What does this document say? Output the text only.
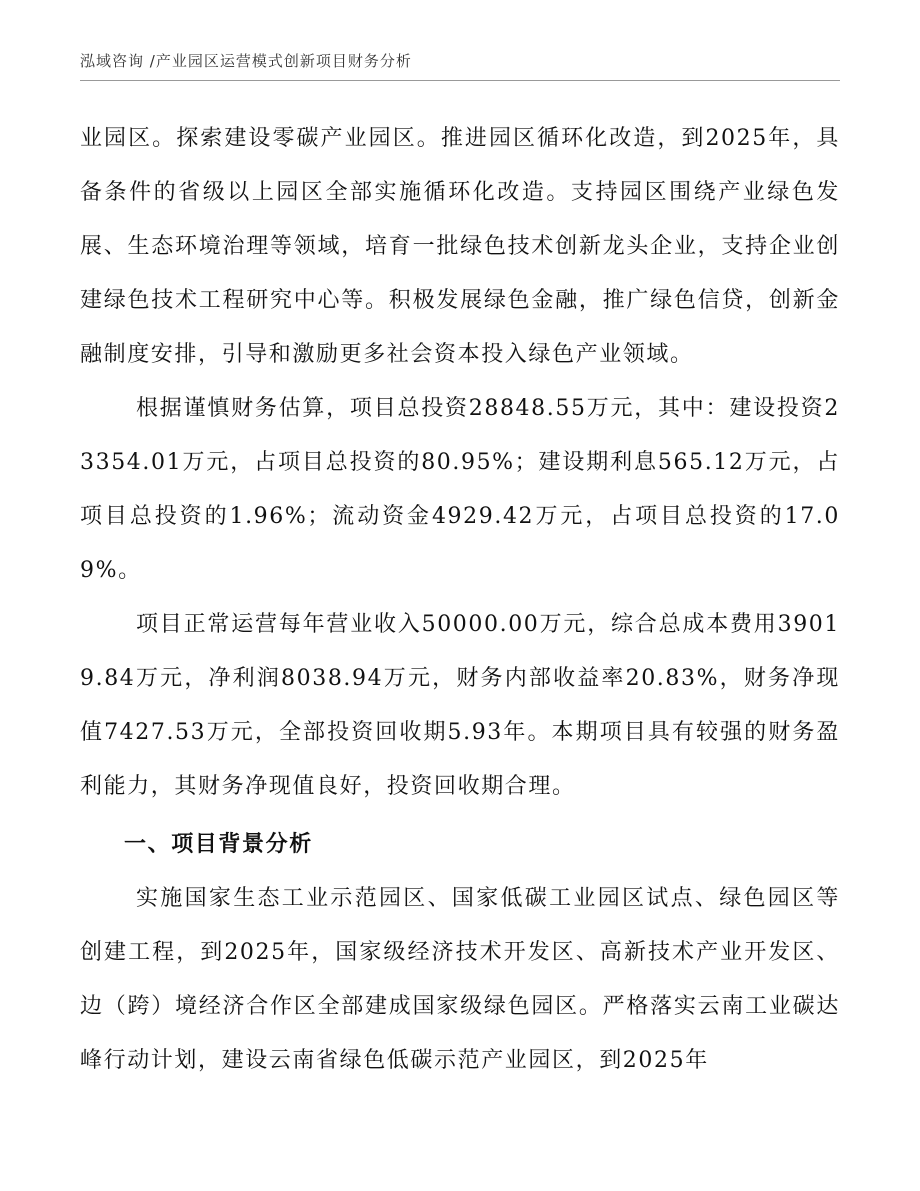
泓域咨询 /产业园区运营模式创新项目财务分析

业园区。探索建设零碳产业园区。推进园区循环化改造，到2025年，具备条件的省级以上园区全部实施循环化改造。支持园区围绕产业绿色发展、生态环境治理等领域，培育一批绿色技术创新龙头企业，支持企业创建绿色技术工程研究中心等。积极发展绿色金融，推广绿色信贷，创新金融制度安排，引导和激励更多社会资本投入绿色产业领域。

根据谨慎财务估算，项目总投资28848.55万元，其中：建设投资23354.01万元，占项目总投资的80.95%；建设期利息565.12万元，占项目总投资的1.96%；流动资金4929.42万元，占项目总投资的17.09%。

项目正常运营每年营业收入50000.00万元，综合总成本费用39019.84万元，净利润8038.94万元，财务内部收益率20.83%，财务净现值7427.53万元，全部投资回收期5.93年。本期项目具有较强的财务盈利能力，其财务净现值良好，投资回收期合理。

一、项目背景分析

实施国家生态工业示范园区、国家低碳工业园区试点、绿色园区等创建工程，到2025年，国家级经济技术开发区、高新技术产业开发区、边（跨）境经济合作区全部建成国家级绿色园区。严格落实云南工业碳达峰行动计划，建设云南省绿色低碳示范产业园区，到2025年
